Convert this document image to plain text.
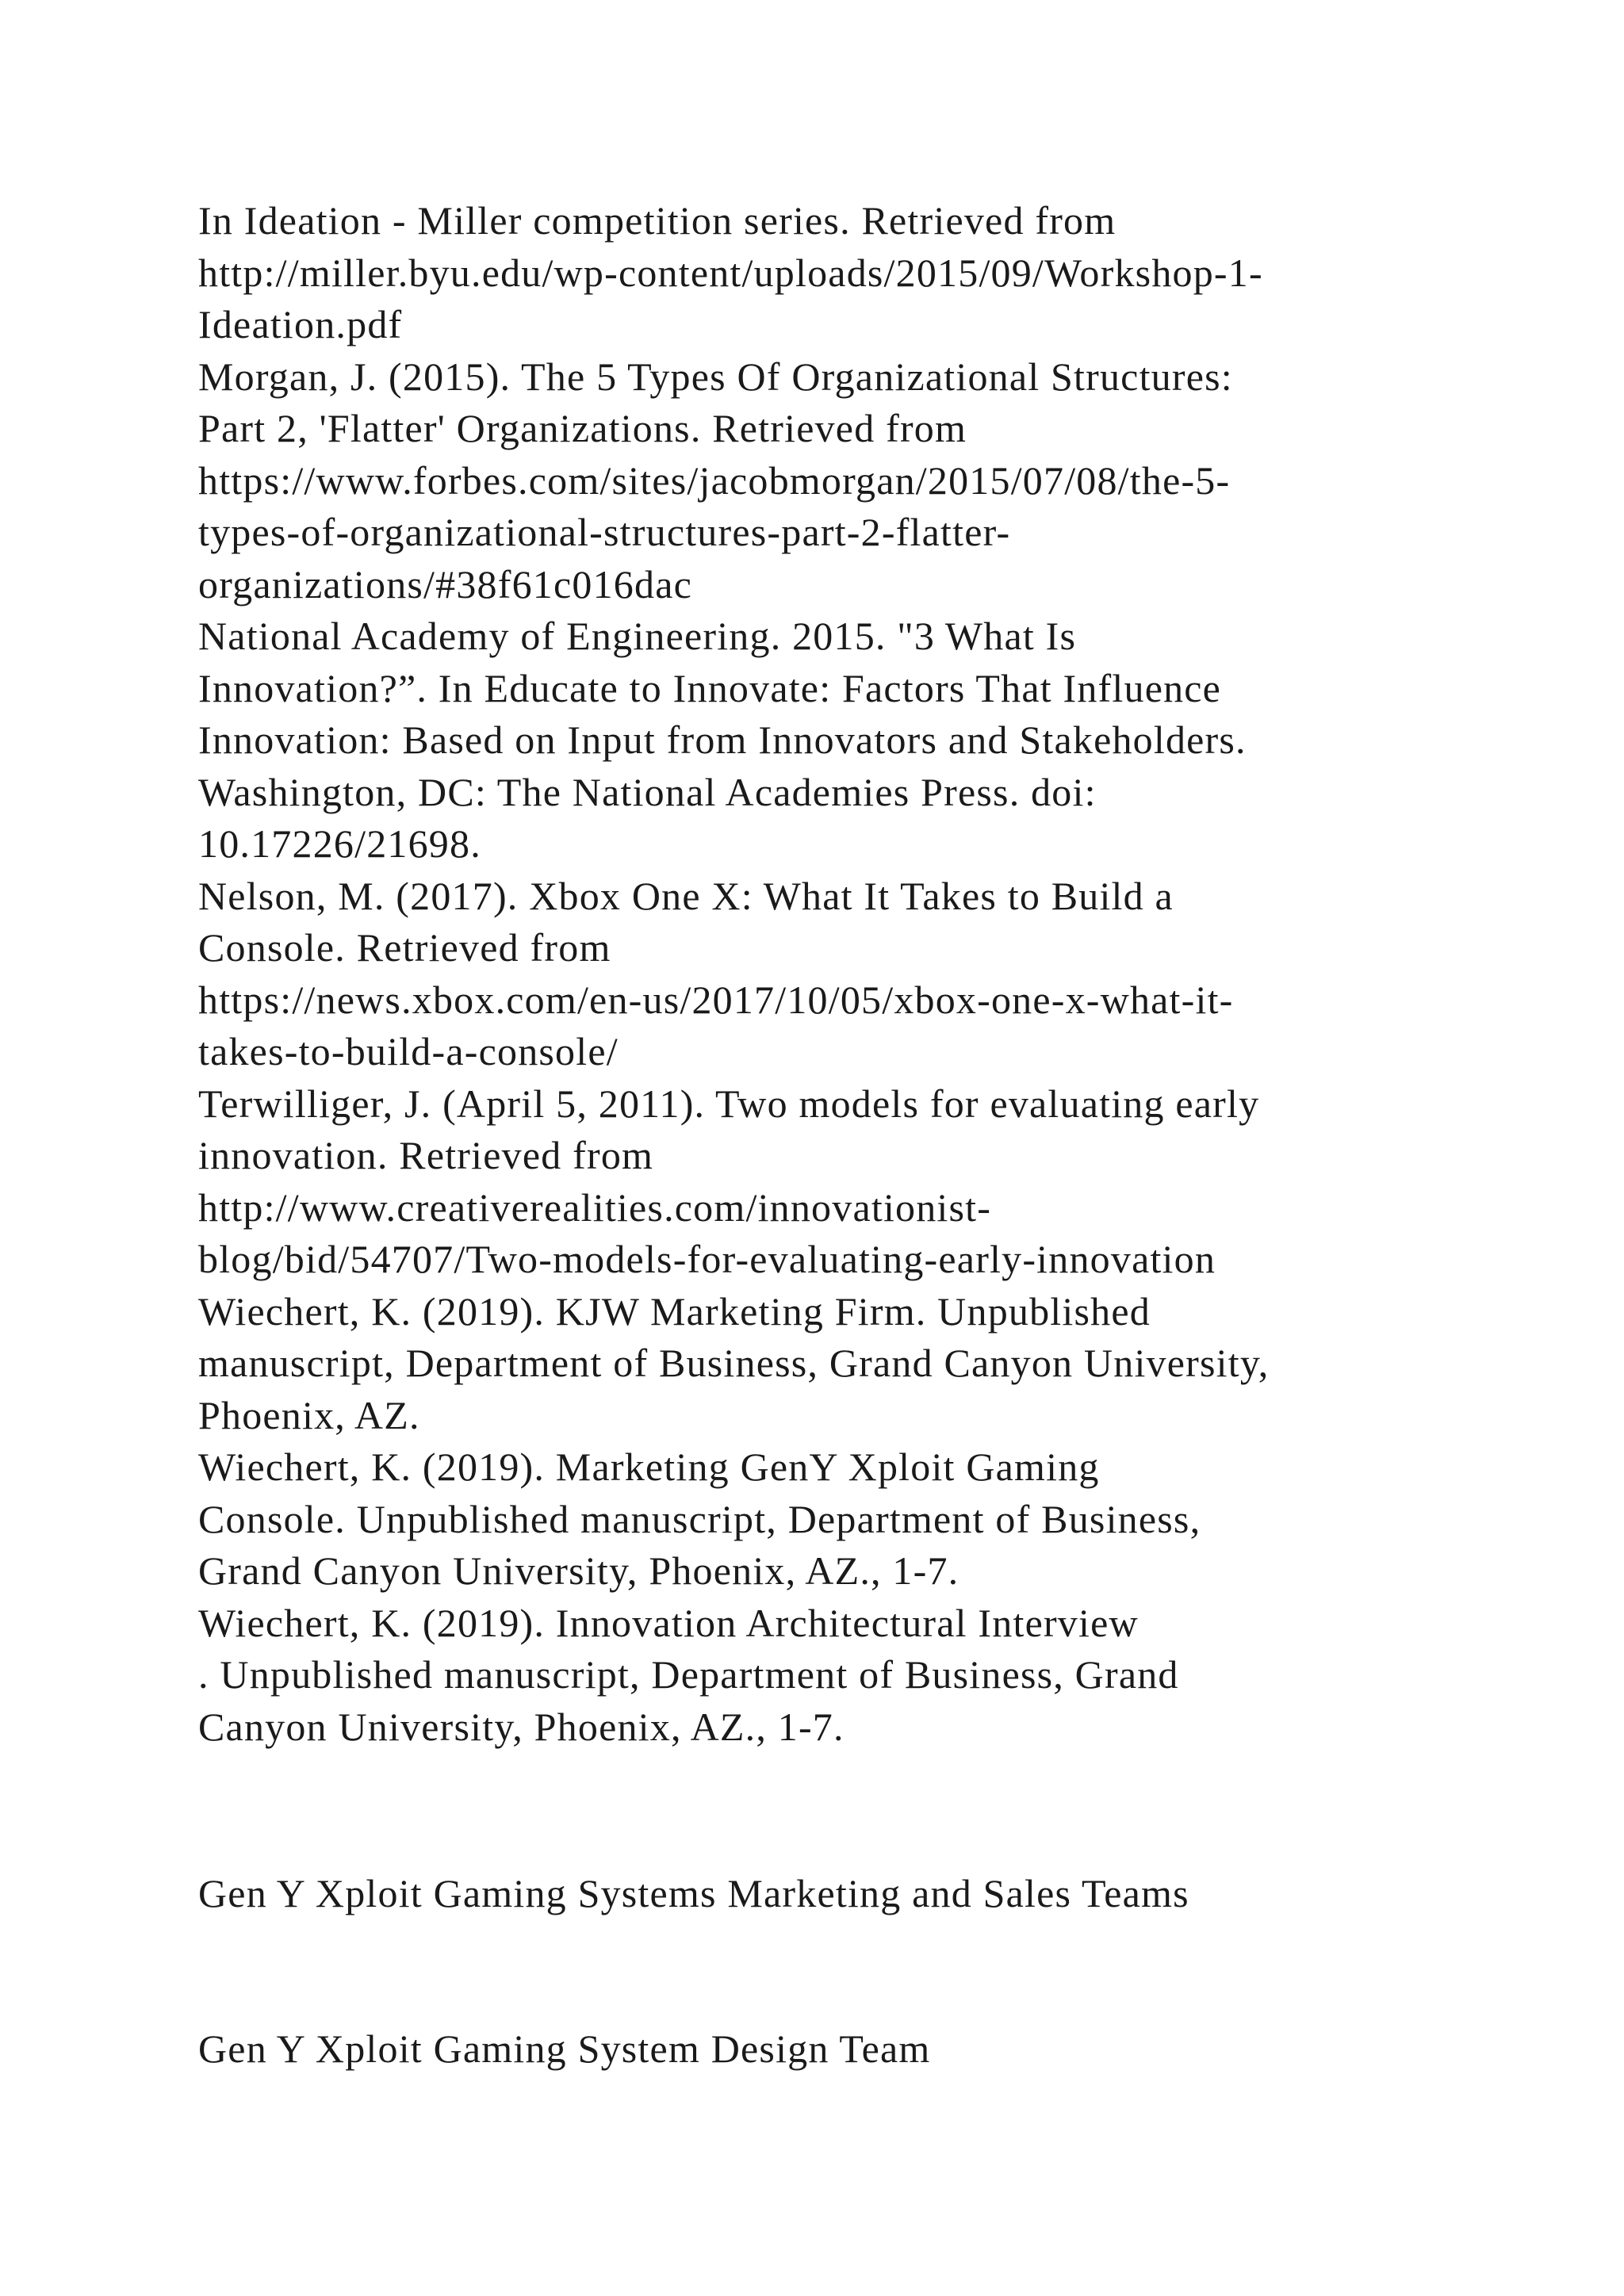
In Ideation - Miller competition series. Retrieved from
http://miller.byu.edu/wp-content/uploads/2015/09/Workshop-1-
Ideation.pdf
Morgan, J. (2015). The 5 Types Of Organizational Structures:
Part 2, 'Flatter' Organizations. Retrieved from
https://www.forbes.com/sites/jacobmorgan/2015/07/08/the-5-
types-of-organizational-structures-part-2-flatter-
organizations/#38f61c016dac
National Academy of Engineering. 2015. "3 What Is
Innovation?”. In Educate to Innovate: Factors That Influence
Innovation: Based on Input from Innovators and Stakeholders.
Washington, DC: The National Academies Press. doi:
10.17226/21698.
Nelson, M. (2017). Xbox One X: What It Takes to Build a
Console. Retrieved from
https://news.xbox.com/en-us/2017/10/05/xbox-one-x-what-it-
takes-to-build-a-console/
Terwilliger, J. (April 5, 2011). Two models for evaluating early
innovation. Retrieved from
http://www.creativerealities.com/innovationist-
blog/bid/54707/Two-models-for-evaluating-early-innovation
Wiechert, K. (2019). KJW Marketing Firm. Unpublished
manuscript, Department of Business, Grand Canyon University,
Phoenix, AZ.
Wiechert, K. (2019). Marketing GenY Xploit Gaming
Console. Unpublished manuscript, Department of Business,
Grand Canyon University, Phoenix, AZ., 1-7.
Wiechert, K. (2019). Innovation Architectural Interview
. Unpublished manuscript, Department of Business, Grand
Canyon University, Phoenix, AZ., 1-7.
Gen Y Xploit Gaming Systems Marketing and Sales Teams
Gen Y Xploit Gaming System Design Team
